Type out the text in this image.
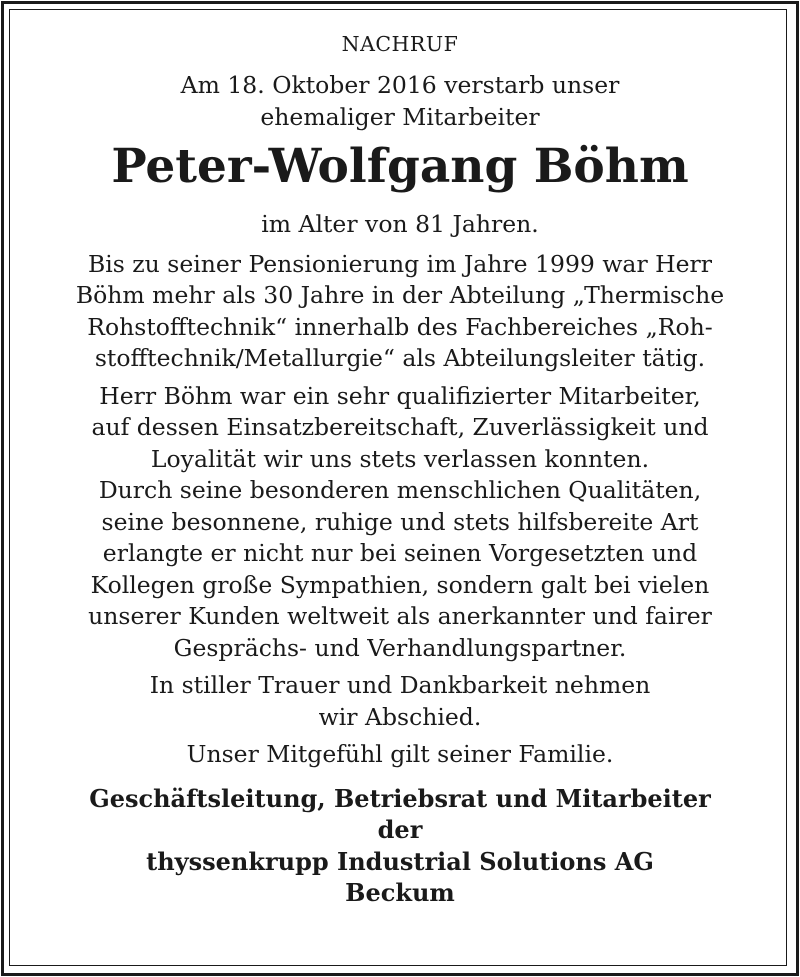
NACHRUF
Am 18. Oktober 2016 verstarb unser
ehemaliger Mitarbeiter
Peter-Wolfgang Böhm
im Alter von 81 Jahren.
Bis zu seiner Pensionierung im Jahre 1999 war Herr
Böhm mehr als 30 Jahre in der Abteilung „Thermische
Rohstofftechnik“ innerhalb des Fachbereiches „Roh-
stofftechnik/Metallurgie“ als Abteilungsleiter tätig.
Herr Böhm war ein sehr qualifizierter Mitarbeiter,
auf dessen Einsatzbereitschaft, Zuverlässigkeit und
Loyalität wir uns stets verlassen konnten.
Durch seine besonderen menschlichen Qualitäten,
seine besonnene, ruhige und stets hilfsbereite Art
erlangte er nicht nur bei seinen Vorgesetzten und
Kollegen große Sympathien, sondern galt bei vielen
unserer Kunden weltweit als anerkannter und fairer
Gesprächs- und Verhandlungspartner.
In stiller Trauer und Dankbarkeit nehmen
wir Abschied.
Unser Mitgefühl gilt seiner Familie.
Geschäftsleitung, Betriebsrat und Mitarbeiter
der
thyssenkrupp Industrial Solutions AG
Beckum
